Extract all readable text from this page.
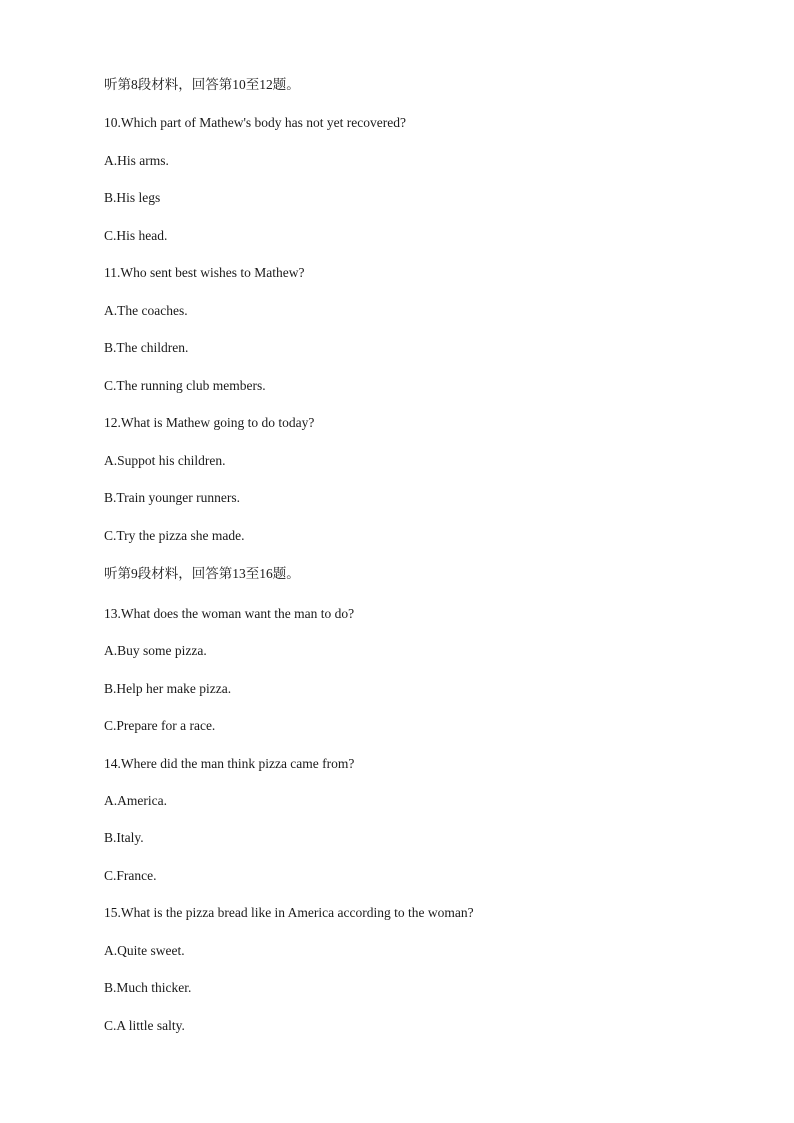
听第8段材料，回答第10至12题。

10.Which part of Mathew's body has not yet recovered?

A.His arms.

B.His legs

C.His head.

11.Who sent best wishes to Mathew?

A.The coaches.

B.The children.

C.The running club members.

12.What is Mathew going to do today?

A.Suppot his children.

B.Train younger runners.

C.Try the pizza she made.

听第9段材料，回答第13至16题。

13.What does the woman want the man to do?

A.Buy some pizza.

B.Help her make pizza.

C.Prepare for a race.

14.Where did the man think pizza came from?

A.America.

B.Italy.

C.France.

15.What is the pizza bread like in America according to the woman?

A.Quite sweet.

B.Much thicker.

C.A little salty.
